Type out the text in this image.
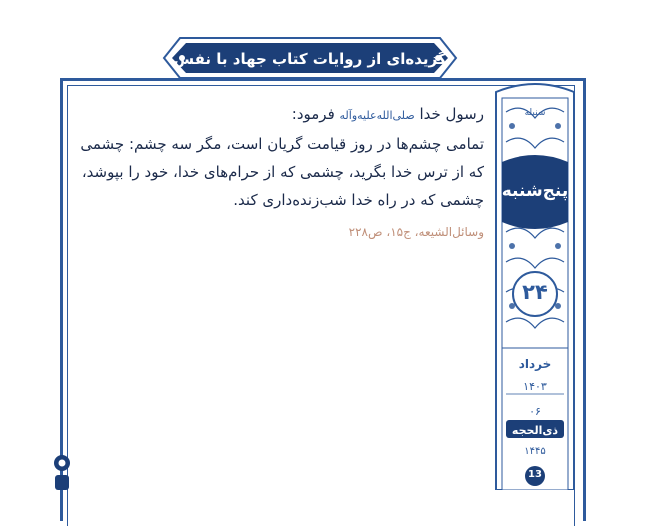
گزیده‌ای از روایات کتاب جهاد با نفس
رسول خدا صلی‌الله‌علیه‌وآله فرمود:
تمامی چشم‌ها در روز قیامت گریان است، مگر سه چشم: چشمی
که از ترس خدا بگرید، چشمی که از حرام‌های خدا، خود را بپوشد،
چشمی که در راه خدا شب‌زنده‌داری کند.
وسائل‌الشیعه، ج۱۵، ص۲۲۸
سنبله
پنج‌شنبه
۲۴
خرداد
۱۴۰۳
۰۶
ذی‌الحجه
۱۴۴۵
13
